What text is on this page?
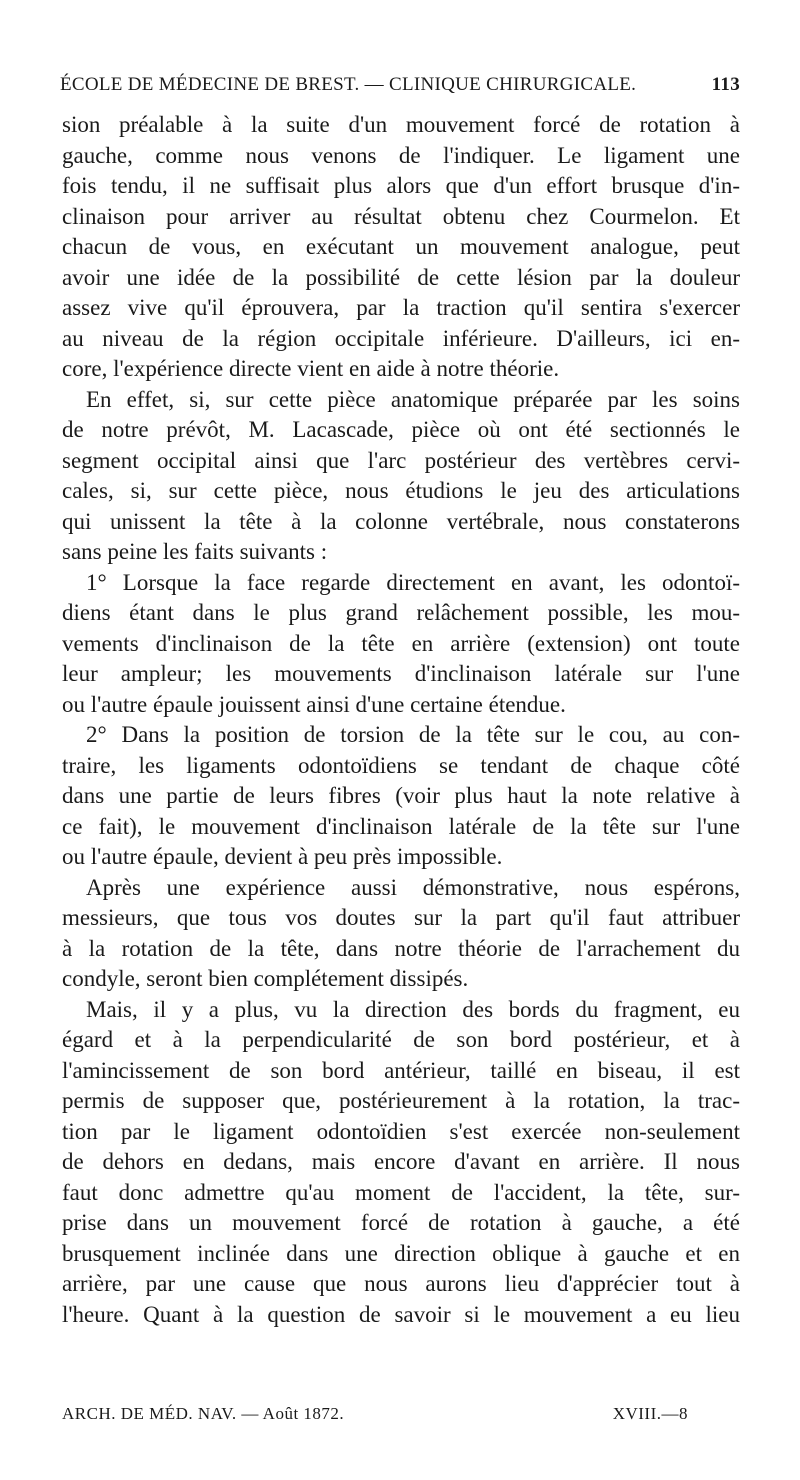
ÉCOLE DE MÉDECINE DE BREST. — CLINIQUE CHIRURGICALE.	113
sion préalable à la suite d'un mouvement forcé de rotation à
gauche, comme nous venons de l'indiquer. Le ligament une
fois tendu, il ne suffisait plus alors que d'un effort brusque d'in-
clinaison pour arriver au résultat obtenu chez Courmelon. Et
chacun de vous, en exécutant un mouvement analogue, peut
avoir une idée de la possibilité de cette lésion par la douleur
assez vive qu'il éprouvera, par la traction qu'il sentira s'exercer
au niveau de la région occipitale inférieure. D'ailleurs, ici en-
core, l'expérience directe vient en aide à notre théorie.
En effet, si, sur cette pièce anatomique préparée par les soins
de notre prévôt, M. Lacascade, pièce où ont été sectionnés le
segment occipital ainsi que l'arc postérieur des vertèbres cervi-
cales, si, sur cette pièce, nous étudions le jeu des articulations
qui unissent la tête à la colonne vertébrale, nous constaterons
sans peine les faits suivants :
1° Lorsque la face regarde directement en avant, les odontoï-
diens étant dans le plus grand relâchement possible, les mou-
vements d'inclinaison de la tête en arrière (extension) ont toute
leur ampleur; les mouvements d'inclinaison latérale sur l'une
ou l'autre épaule jouissent ainsi d'une certaine étendue.
2° Dans la position de torsion de la tête sur le cou, au con-
traire, les ligaments odontoïdiens se tendant de chaque côté
dans une partie de leurs fibres (voir plus haut la note relative à
ce fait), le mouvement d'inclinaison latérale de la tête sur l'une
ou l'autre épaule, devient à peu près impossible.
Après une expérience aussi démonstrative, nous espérons,
messieurs, que tous vos doutes sur la part qu'il faut attribuer
à la rotation de la tête, dans notre théorie de l'arrachement du
condyle, seront bien complétement dissipés.
Mais, il y a plus, vu la direction des bords du fragment, eu
égard et à la perpendicularité de son bord postérieur, et à
l'amincissement de son bord antérieur, taillé en biseau, il est
permis de supposer que, postérieurement à la rotation, la trac-
tion par le ligament odontoïdien s'est exercée non-seulement
de dehors en dedans, mais encore d'avant en arrière. Il nous
faut donc admettre qu'au moment de l'accident, la tête, sur-
prise dans un mouvement forcé de rotation à gauche, a été
brusquement inclinée dans une direction oblique à gauche et en
arrière, par une cause que nous aurons lieu d'apprécier tout à
l'heure. Quant à la question de savoir si le mouvement a eu lieu
ARCH. DE MÉD. NAV. — Août 1872.	XVIII.—8
